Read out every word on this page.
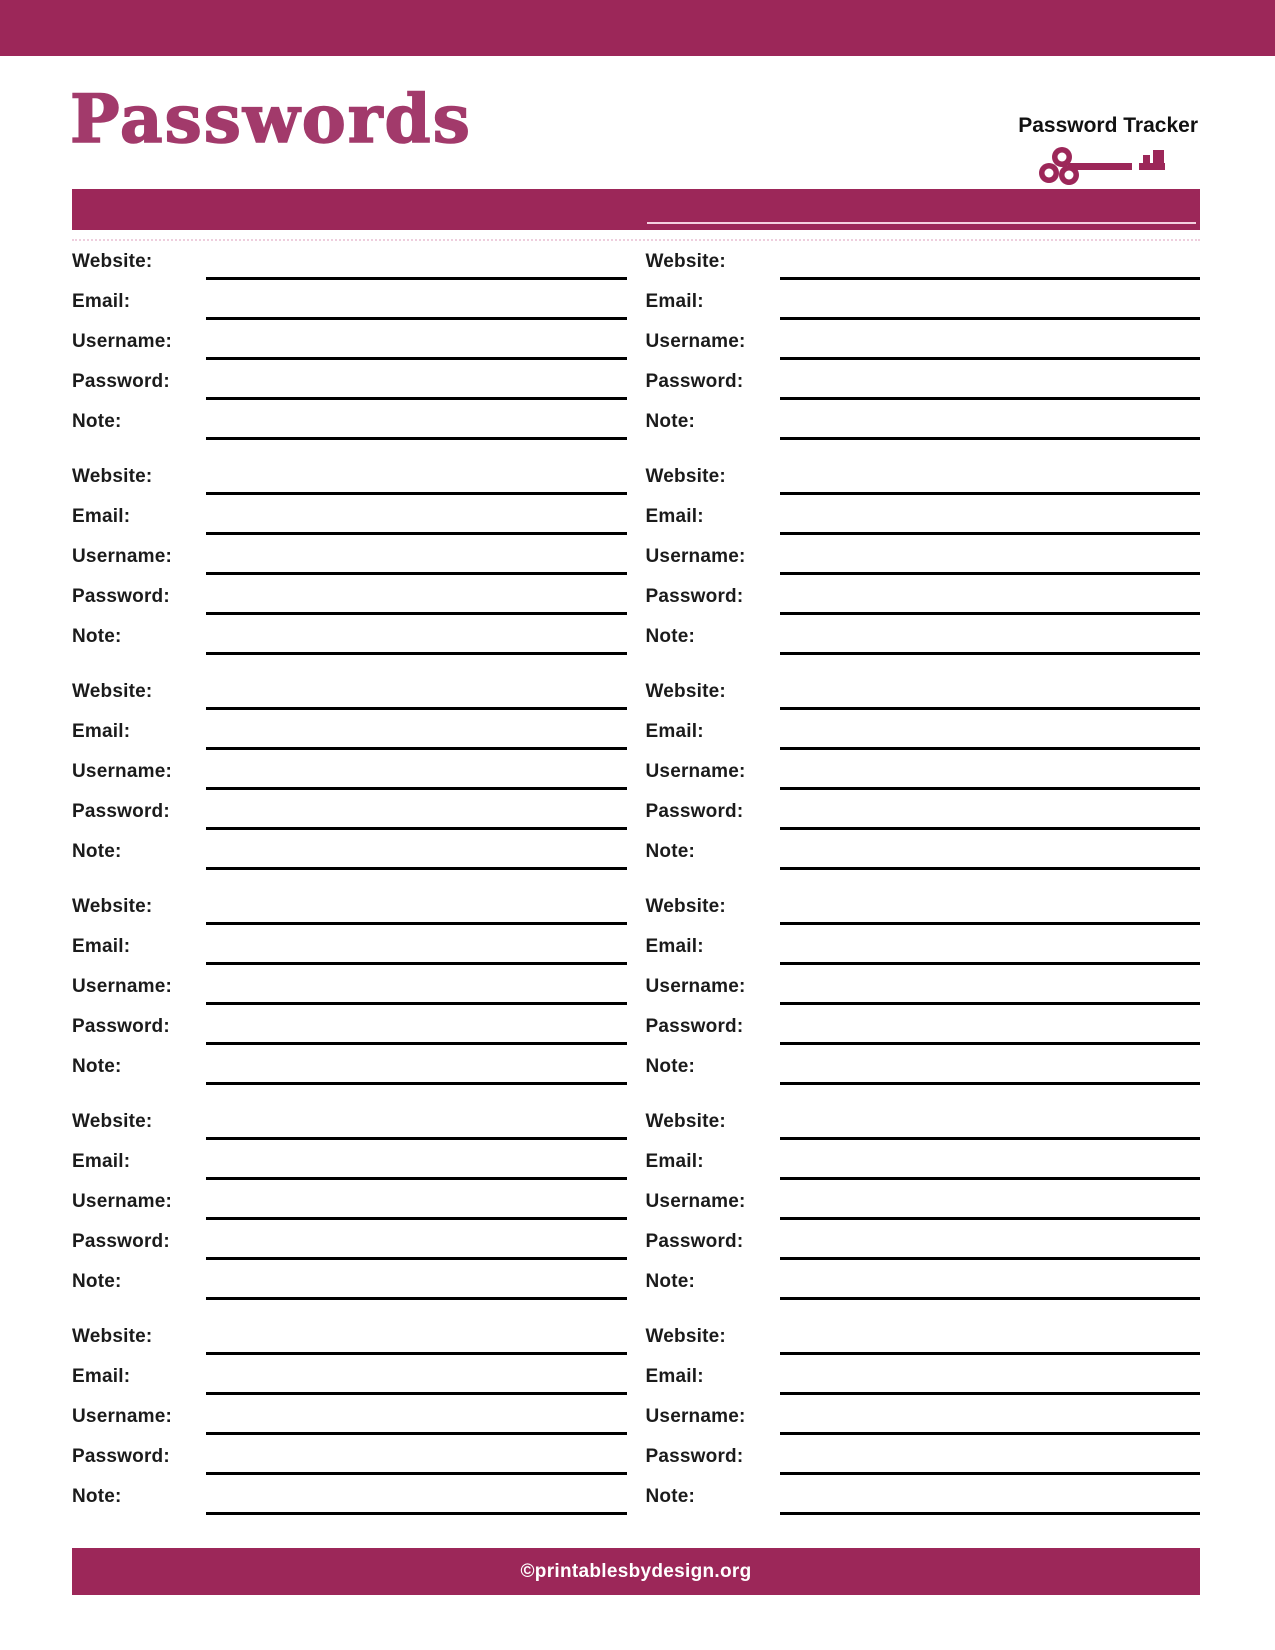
Passwords	Password Tracker
Website:
Email:
Username:
Password:
Note:
Website:
Email:
Username:
Password:
Note:
Website:
Email:
Username:
Password:
Note:
Website:
Email:
Username:
Password:
Note:
Website:
Email:
Username:
Password:
Note:
Website:
Email:
Username:
Password:
Note:
Website:
Email:
Username:
Password:
Note:
Website:
Email:
Username:
Password:
Note:
Website:
Email:
Username:
Password:
Note:
Website:
Email:
Username:
Password:
Note:
Website:
Email:
Username:
Password:
Note:
Website:
Email:
Username:
Password:
Note:
©printablesbydesign.org
